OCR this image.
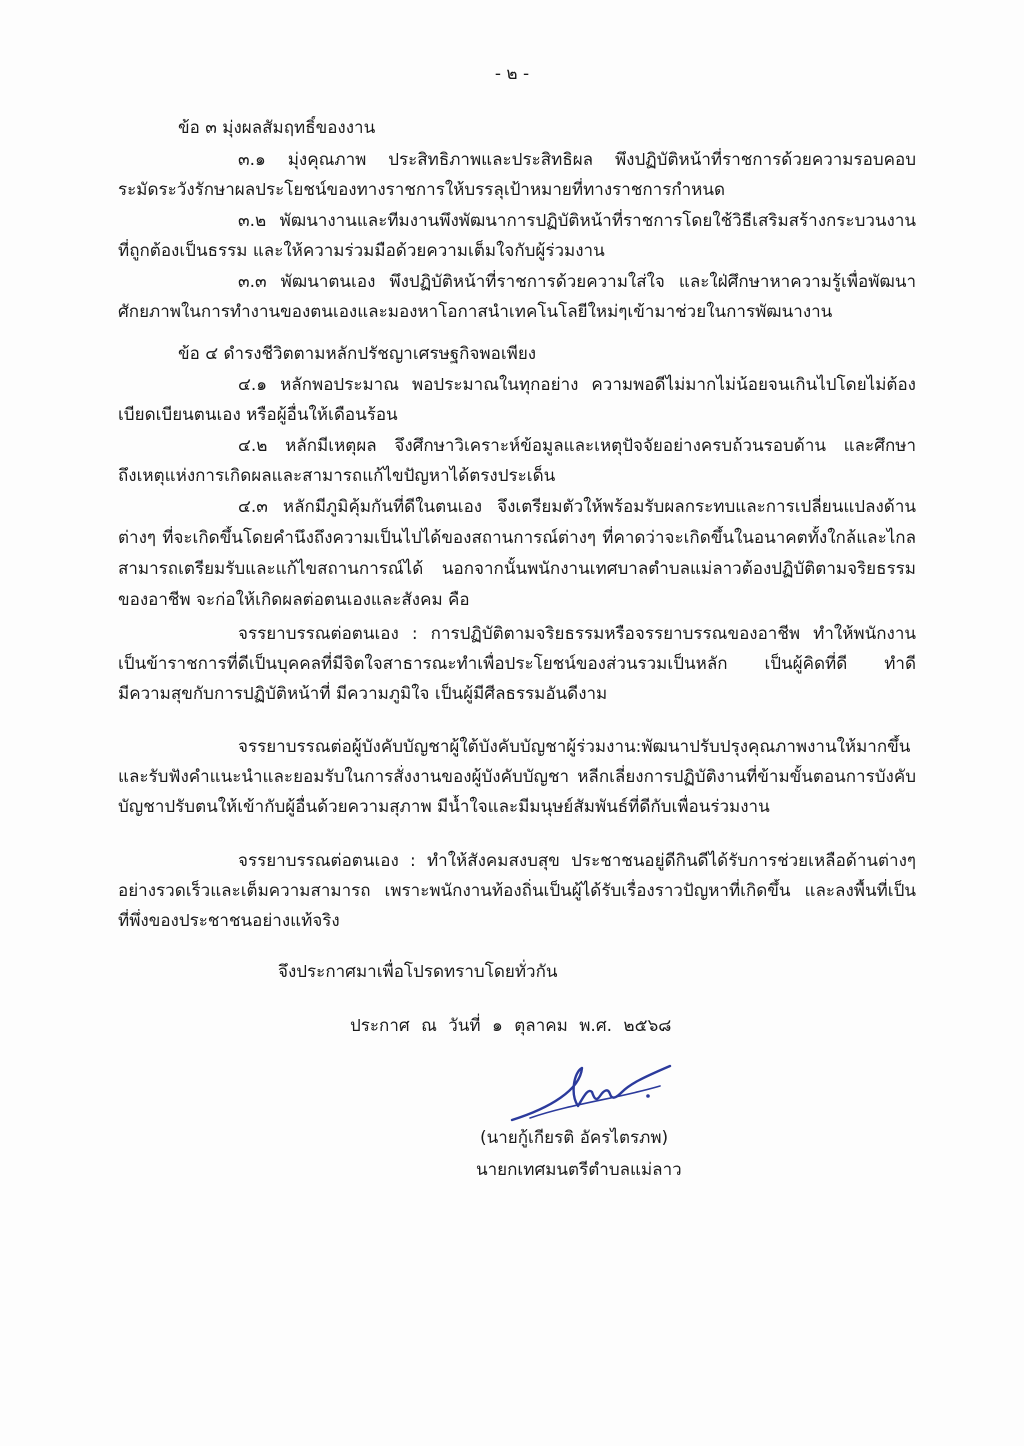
- ๒ -
ข้อ ๓ มุ่งผลสัมฤทธิ์ของงาน
๓.๑ มุ่งคุณภาพ ประสิทธิภาพและประสิทธิผล พึงปฏิบัติหน้าที่ราชการด้วยความรอบคอบ
ระมัดระวังรักษาผลประโยชน์ของทางราชการให้บรรลุเป้าหมายที่ทางราชการกำหนด
๓.๒ พัฒนางานและทีมงานพึงพัฒนาการปฏิบัติหน้าที่ราชการโดยใช้วิธีเสริมสร้างกระบวนงาน
ที่ถูกต้องเป็นธรรม และให้ความร่วมมือด้วยความเต็มใจกับผู้ร่วมงาน
๓.๓ พัฒนาตนเอง พึงปฏิบัติหน้าที่ราชการด้วยความใส่ใจ และใฝ่ศึกษาหาความรู้เพื่อพัฒนา
ศักยภาพในการทำงานของตนเองและมองหาโอกาสนำเทคโนโลยีใหม่ๆเข้ามาช่วยในการพัฒนางาน
ข้อ ๔ ดำรงชีวิตตามหลักปรัชญาเศรษฐกิจพอเพียง
๔.๑ หลักพอประมาณ พอประมาณในทุกอย่าง ความพอดีไม่มากไม่น้อยจนเกินไปโดยไม่ต้อง
เบียดเบียนตนเอง หรือผู้อื่นให้เดือนร้อน
๔.๒ หลักมีเหตุผล จึงศึกษาวิเคราะห์ข้อมูลและเหตุปัจจัยอย่างครบถ้วนรอบด้าน และศึกษา
ถึงเหตุแห่งการเกิดผลและสามารถแก้ไขปัญหาได้ตรงประเด็น
๔.๓ หลักมีภูมิคุ้มกันที่ดีในตนเอง จึงเตรียมตัวให้พร้อมรับผลกระทบและการเปลี่ยนแปลงด้าน
ต่างๆ ที่จะเกิดขึ้นโดยคำนึงถึงความเป็นไปได้ของสถานการณ์ต่างๆ ที่คาดว่าจะเกิดขึ้นในอนาคตทั้งใกล้และไกล
สามารถเตรียมรับและแก้ไขสถานการณ์ได้ นอกจากนั้นพนักงานเทศบาลตำบลแม่ลาวต้องปฏิบัติตามจริยธรรม
ของอาชีพ จะก่อให้เกิดผลต่อตนเองและสังคม คือ
จรรยาบรรณต่อตนเอง : การปฏิบัติตามจริยธรรมหรือจรรยาบรรณของอาชีพ ทำให้พนักงาน
เป็นข้าราชการที่ดีเป็นบุคคลที่มีจิตใจสาธารณะทำเพื่อประโยชน์ของส่วนรวมเป็นหลัก เป็นผู้คิดที่ดี ทำดี
มีความสุขกับการปฏิบัติหน้าที่ มีความภูมิใจ เป็นผู้มีศีลธรรมอันดีงาม
จรรยาบรรณต่อผู้บังคับบัญชาผู้ใต้บังคับบัญชาผู้ร่วมงาน:พัฒนาปรับปรุงคุณภาพงานให้มากขึ้น
และรับฟังคำแนะนำและยอมรับในการสั่งงานของผู้บังคับบัญชา หลีกเลี่ยงการปฏิบัติงานที่ข้ามขั้นตอนการบังคับ
บัญชาปรับตนให้เข้ากับผู้อื่นด้วยความสุภาพ มีน้ำใจและมีมนุษย์สัมพันธ์ที่ดีกับเพื่อนร่วมงาน
จรรยาบรรณต่อตนเอง : ทำให้สังคมสงบสุข ประชาชนอยู่ดีกินดีได้รับการช่วยเหลือด้านต่างๆ
อย่างรวดเร็วและเต็มความสามารถ เพราะพนักงานท้องถิ่นเป็นผู้ได้รับเรื่องราวปัญหาที่เกิดขึ้น และลงพื้นที่เป็น
ที่พึ่งของประชาชนอย่างแท้จริง
จึงประกาศมาเพื่อโปรดทราบโดยทั่วกัน
ประกาศ ณ วันที่ ๑ ตุลาคม พ.ศ. ๒๕๖๘
(นายกู้เกียรติ อัครไตรภพ)
นายกเทศมนตรีตำบลแม่ลาว
